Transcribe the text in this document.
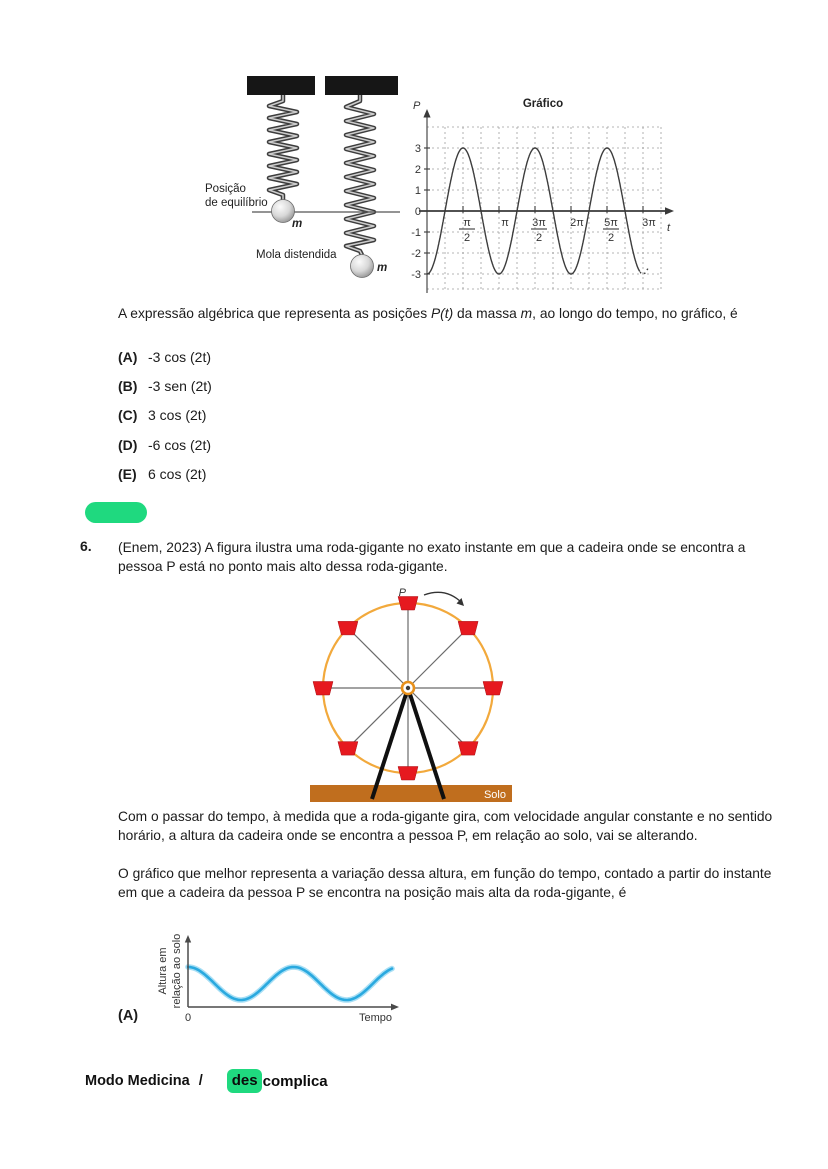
Posição
de equilíbrio
m
m
Mola distendida
Gráfico
3
2
1
0
-1
-2
-3
π
2
π 3π
2
2π 5π
2
3π
P
t
A expressão algébrica que representa as posições P(t) da massa m, ao longo do tempo, no gráfico, é
(A) -3 cos (2t)
(B) -3 sen (2t)
(C) 3 cos (2t)
(D) -6 cos (2t)
(E) 6 cos (2t)
6. (Enem, 2023) A figura ilustra uma roda-gigante no exato instante em que a cadeira onde se encontra a pessoa P está no ponto mais alto dessa roda-gigante.
P
Solo
Com o passar do tempo, à medida que a roda-gigante gira, com velocidade angular constante e no sentido horário, a altura da cadeira onde se encontra a pessoa P, em relação ao solo, vai se alterando.
O gráfico que melhor representa a variação dessa altura, em função do tempo, contado a partir do instante em que a cadeira da pessoa P se encontra na posição mais alta da roda-gigante, é
Altura em relação ao solo
0	Tempo
(A)
Modo Medicina /	des complica
